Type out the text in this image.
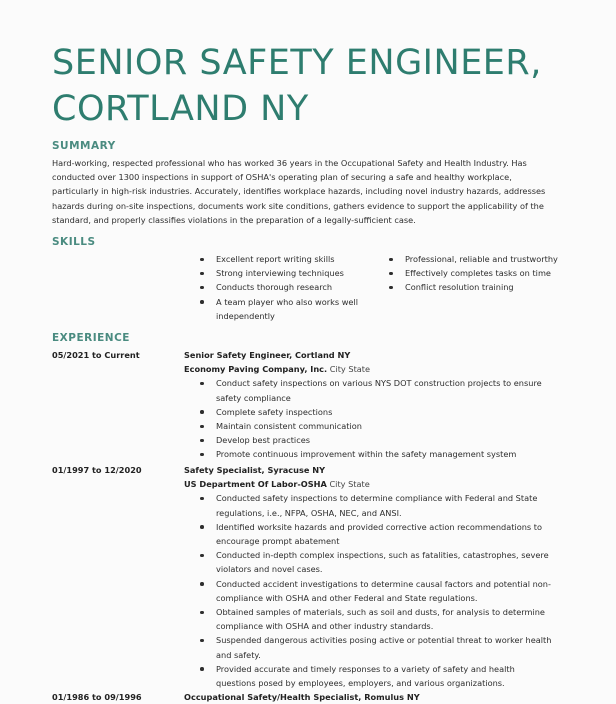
SENIOR SAFETY ENGINEER,
CORTLAND NY
SUMMARY

Hard-working, respected professional who has worked 36 years in the Occupational Safety and Health Industry. Has conducted over 1300 inspections in support of OSHA's operating plan of securing a safe and healthy workplace, particularly in high-risk industries. Accurately, identifies workplace hazards, including novel industry hazards, addresses hazards during on-site inspections, documents work site conditions, gathers evidence to support the applicability of the standard, and properly classifies violations in the preparation of a legally-sufficient case.

SKILLS
Excellent report writing skills
Strong interviewing techniques
Conducts thorough research
A team player who also works well independently
Professional, reliable and trustworthy
Effectively completes tasks on time
Conflict resolution training
EXPERIENCE
05/2021 to Current	Senior Safety Engineer, Cortland NY
Economy Paving Company, Inc. City State
Conduct safety inspections on various NYS DOT construction projects to ensure safety compliance
Complete safety inspections
Maintain consistent communication
Develop best practices
Promote continuous improvement within the safety management system
01/1997 to 12/2020	Safety Specialist, Syracuse NY
US Department Of Labor-OSHA City State
Conducted safety inspections to determine compliance with Federal and State regulations, i.e., NFPA, OSHA, NEC, and ANSI.
Identified worksite hazards and provided corrective action recommendations to encourage prompt abatement
Conducted in-depth complex inspections, such as fatalities, catastrophes, severe violators and novel cases.
Conducted accident investigations to determine causal factors and potential non-compliance with OSHA and other Federal and State regulations.
Obtained samples of materials, such as soil and dusts, for analysis to determine compliance with OSHA and other industry standards.
Suspended dangerous activities posing active or potential threat to worker health and safety.
Provided accurate and timely responses to a variety of safety and health questions posed by employees, employers, and various organizations.
01/1986 to 09/1996	Occupational Safety/Health Specialist, Romulus NY
